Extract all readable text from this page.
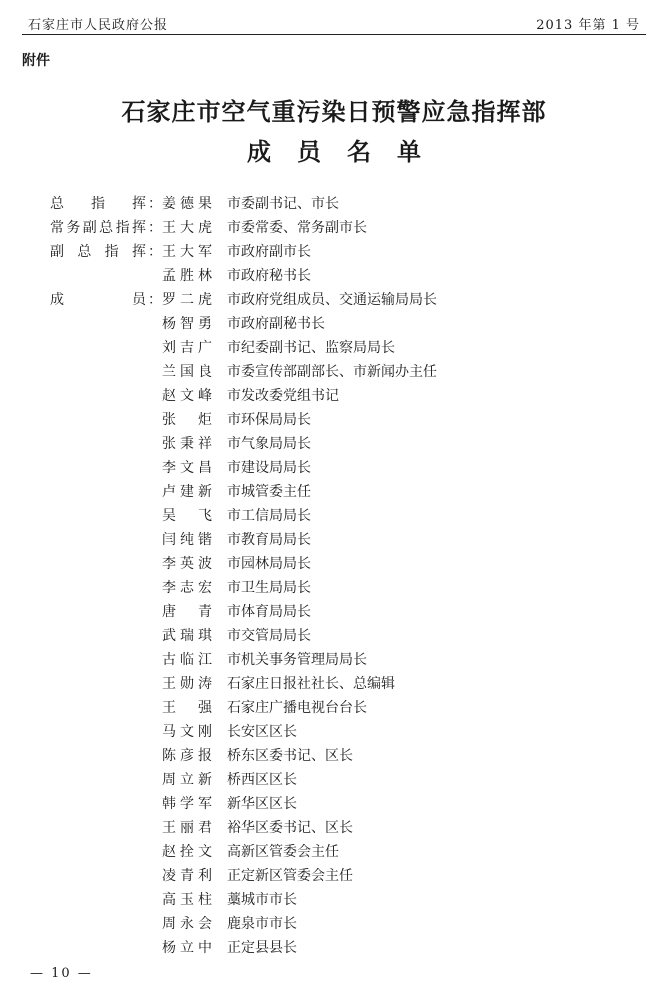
石家庄市人民政府公报	2013 年第 1 号
附件
石家庄市空气重污染日预警应急指挥部
成员名单
总 指 挥 ： 姜德果 市委副书记、市长
常 务 副 总 指 挥 ： 王大虎 市委常委、常务副市长
副 总 指 挥 ： 王大军 市政府副市长
孟胜林 市政府秘书长
成	员 ： 罗二虎 市政府党组成员、交通运输局局长
杨智勇 市政府副秘书长
刘吉广 市纪委副书记、监察局局长
兰国良 市委宣传部副部长、市新闻办主任
赵文峰 市发改委党组书记
张炬 市环保局局长
张秉祥 市气象局局长
李文昌 市建设局局长
卢建新 市城管委主任
吴飞 市工信局局长
闫纯锴 市教育局局长
李英波 市园林局局长
李志宏 市卫生局局长
唐青 市体育局局长
武瑞琪 市交管局局长
古临江 市机关事务管理局局长
王勋涛 石家庄日报社社长、总编辑
王强 石家庄广播电视台台长
马文刚 长安区区长
陈彦报 桥东区委书记、区长
周立新 桥西区区长
韩学军 新华区区长
王丽君 裕华区委书记、区长
赵拴文 高新区管委会主任
凌青利 正定新区管委会主任
高玉柱 藁城市市长
周永会 鹿泉市市长
杨立中 正定县县长
— 10 —
